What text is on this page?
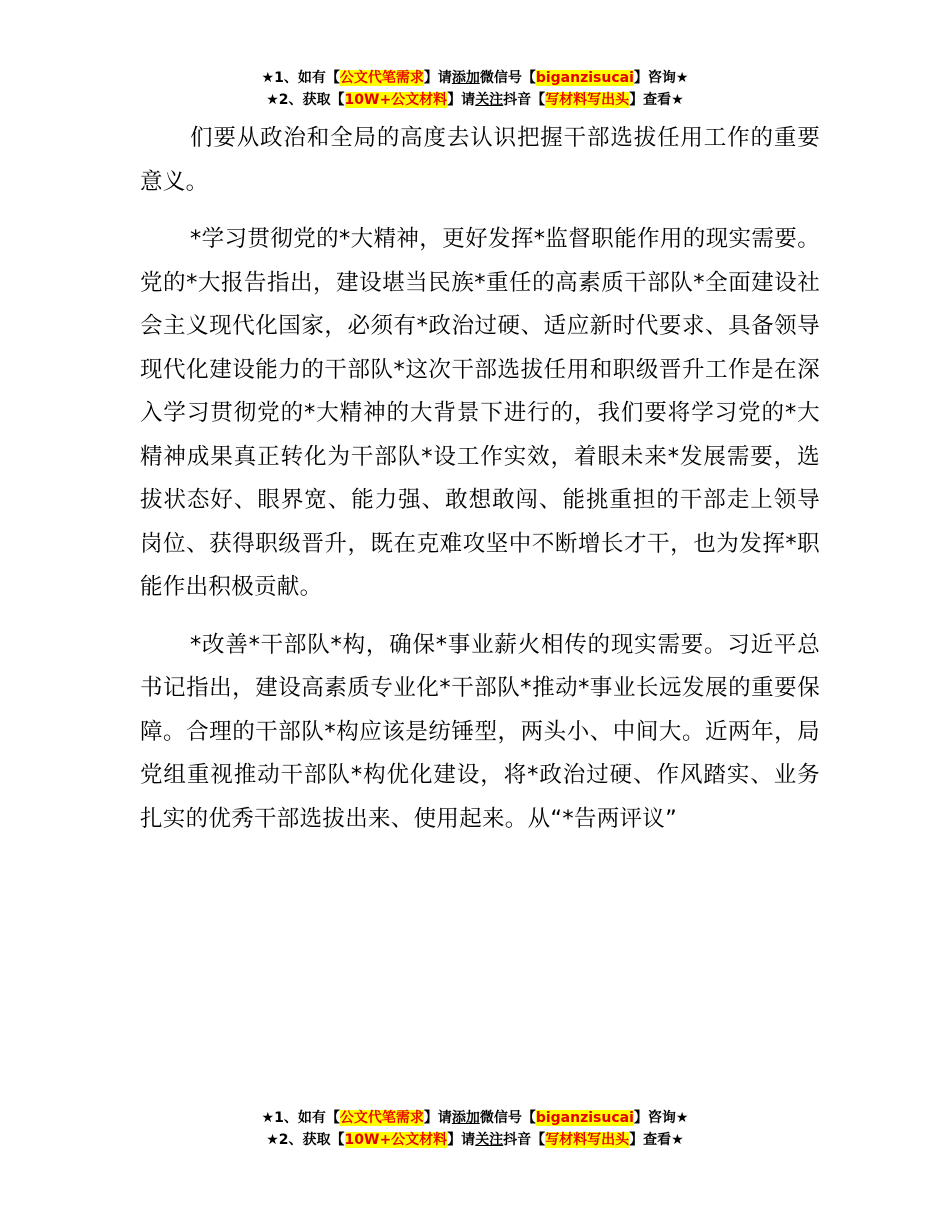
★1、如有【公文代笔需求】请添加微信号【biganzisucai】咨询★
★2、获取【10W+公文材料】请关注抖音【写材料写出头】查看★

们要从政治和全局的高度去认识把握干部选拔任用工作的重要意义。

*学习贯彻党的*大精神，更好发挥*监督职能作用的现实需要。党的*大报告指出，建设堪当民族*重任的高素质干部队*全面建设社会主义现代化国家，必须有*政治过硬、适应新时代要求、具备领导现代化建设能力的干部队*这次干部选拔任用和职级晋升工作是在深入学习贯彻党的*大精神的大背景下进行的，我们要将学习党的*大精神成果真正转化为干部队*设工作实效，着眼未来*发展需要，选拔状态好、眼界宽、能力强、敢想敢闯、能挑重担的干部走上领导岗位、获得职级晋升，既在克难攻坚中不断增长才干，也为发挥*职能作出积极贡献。

*改善*干部队*构，确保*事业薪火相传的现实需要。习近平总书记指出，建设高素质专业化*干部队*推动*事业长远发展的重要保障。合理的干部队*构应该是纺锤型，两头小、中间大。近两年，局党组重视推动干部队*构优化建设，将*政治过硬、作风踏实、业务扎实的优秀干部选拔出来、使用起来。从“*告两评议”

★1、如有【公文代笔需求】请添加微信号【biganzisucai】咨询★
★2、获取【10W+公文材料】请关注抖音【写材料写出头】查看★
